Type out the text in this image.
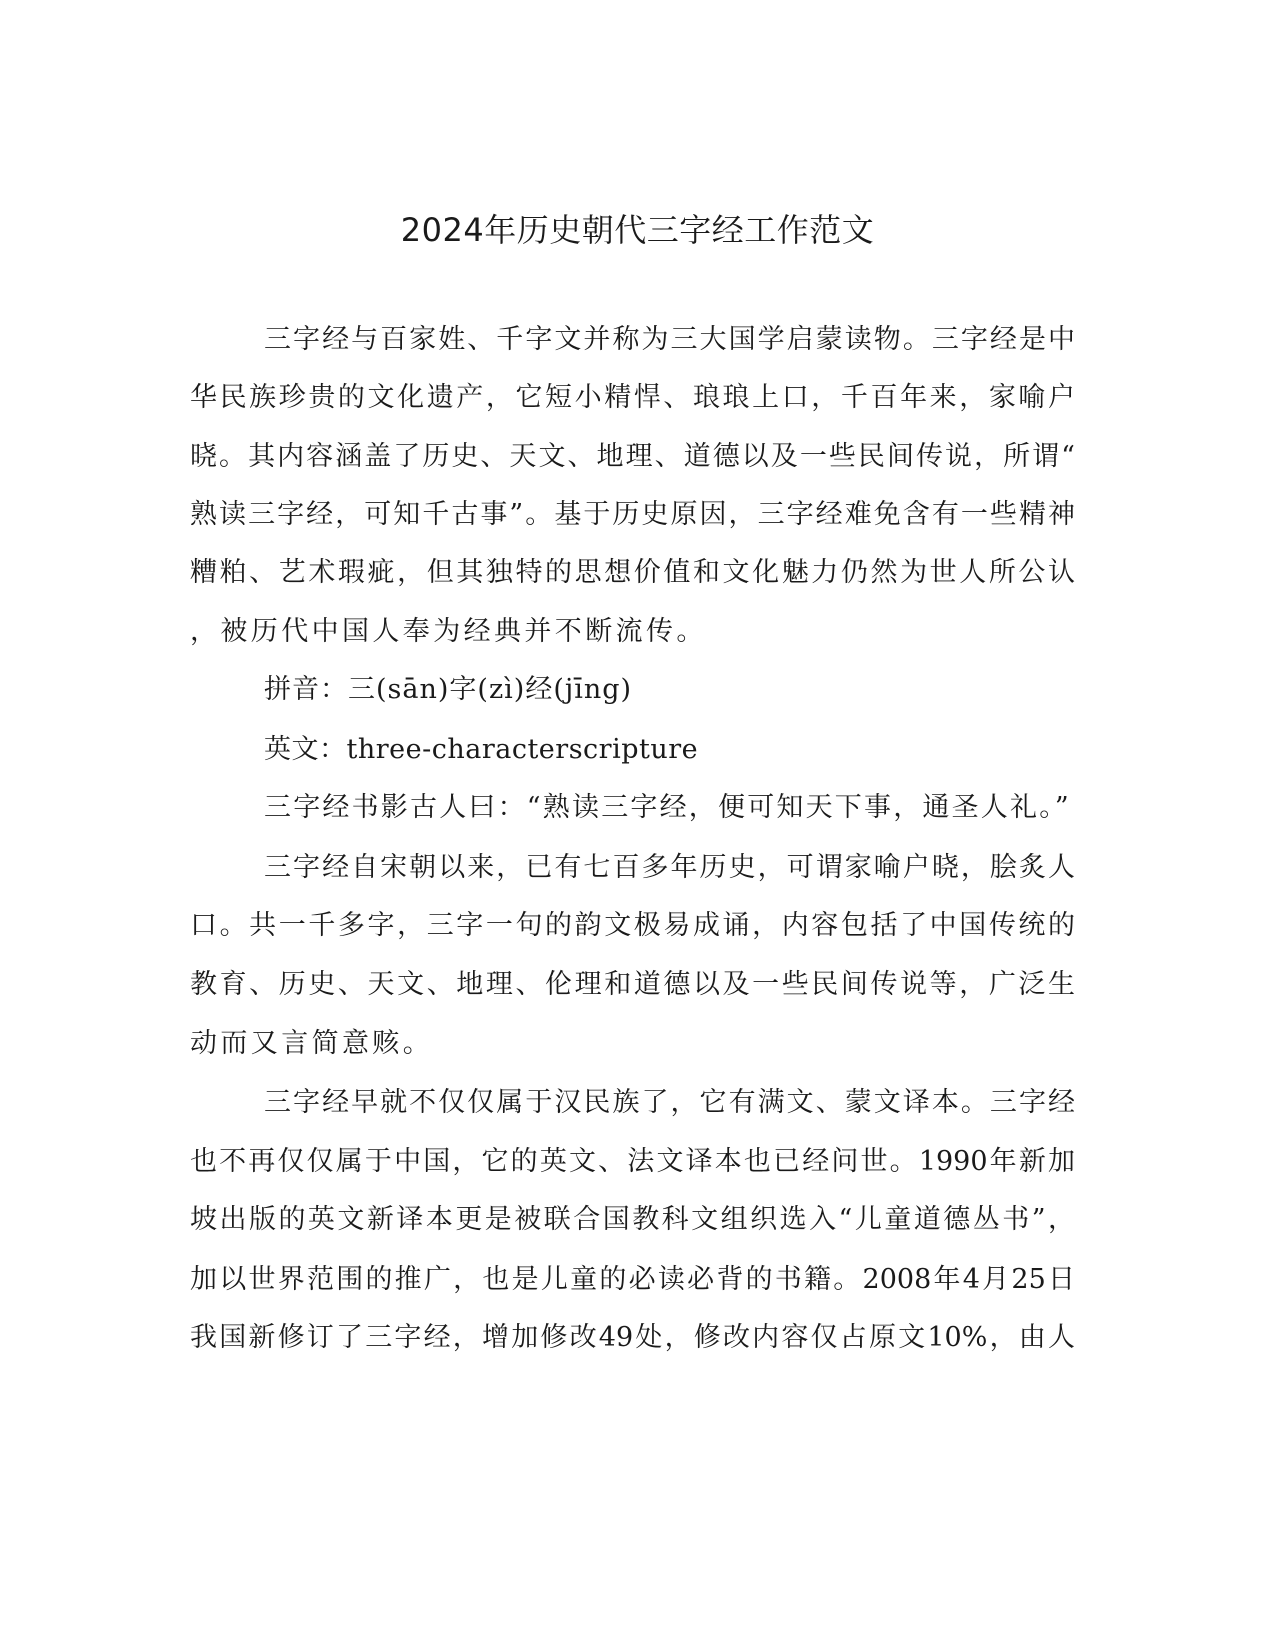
2024年历史朝代三字经工作范文

三字经与百家姓、千字文并称为三大国学启蒙读物。三字经是中

华民族珍贵的文化遗产，它短小精悍、琅琅上口，千百年来，家喻户

晓。其内容涵盖了历史、天文、地理、道德以及一些民间传说，所谓“

熟读三字经，可知千古事”。基于历史原因，三字经难免含有一些精神

糟粕、艺术瑕疵，但其独特的思想价值和文化魅力仍然为世人所公认

，被历代中国人奉为经典并不断流传。

拼音：三(sān)字(zì)经(jīng)

英文：three-characterscripture

三字经书影古人曰：“熟读三字经，便可知天下事，通圣人礼。”

三字经自宋朝以来，已有七百多年历史，可谓家喻户晓，脍炙人

口。共一千多字，三字一句的韵文极易成诵，内容包括了中国传统的

教育、历史、天文、地理、伦理和道德以及一些民间传说等，广泛生

动而又言简意赅。

三字经早就不仅仅属于汉民族了，它有满文、蒙文译本。三字经

也不再仅仅属于中国，它的英文、法文译本也已经问世。1990年新加

坡出版的英文新译本更是被联合国教科文组织选入“儿童道德丛书”，

加以世界范围的推广，也是儿童的必读必背的书籍。2008年4月25日

我国新修订了三字经，增加修改49处，修改内容仅占原文10%，由人
